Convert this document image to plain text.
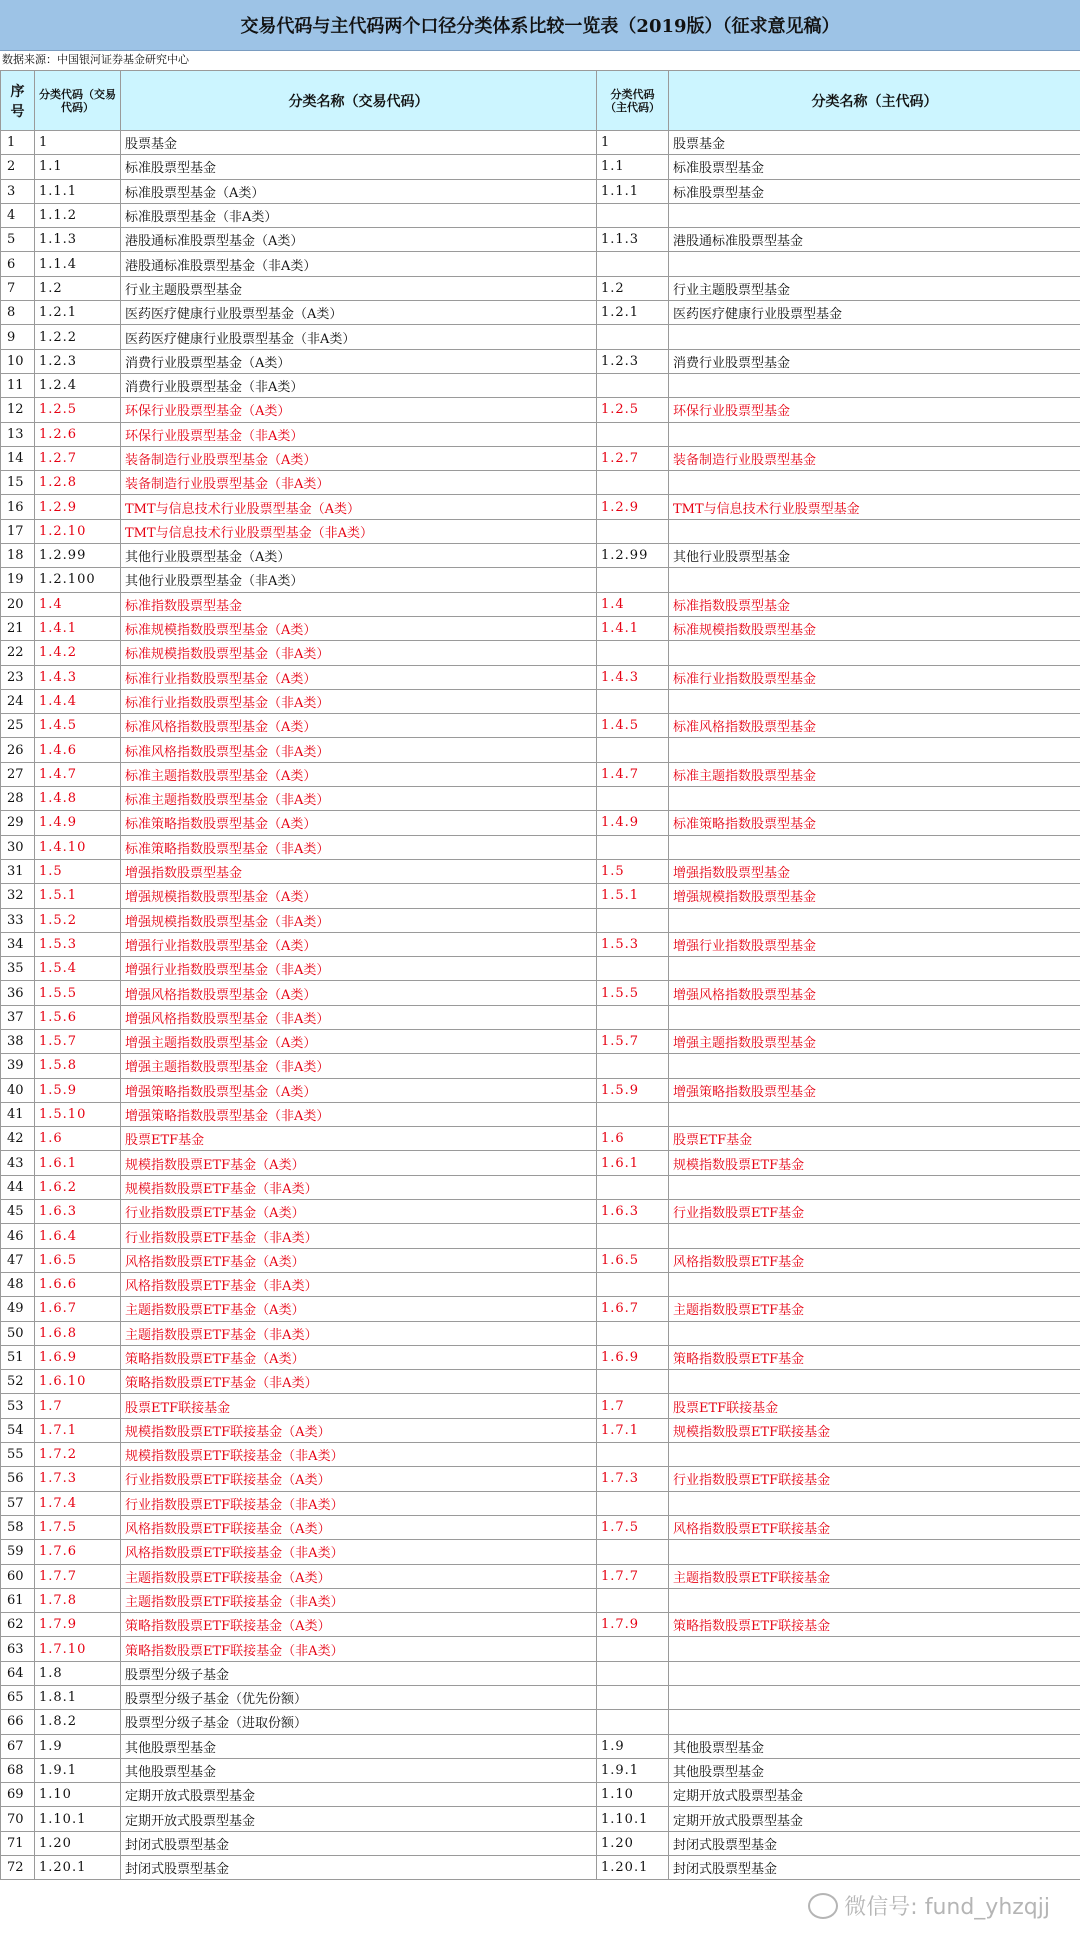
交易代码与主代码两个口径分类体系比较一览表（2019版）（征求意见稿）
数据来源：中国银河证券基金研究中心
序号	分类代码（交易代码）	分类名称（交易代码）	分类代码（主代码）	分类名称（主代码）
1	1	股票基金	1	股票基金
2	1.1	标准股票型基金	1.1	标准股票型基金
3	1.1.1	标准股票型基金（A类）	1.1.1	标准股票型基金
4	1.1.2	标准股票型基金（非A类）		
5	1.1.3	港股通标准股票型基金（A类）	1.1.3	港股通标准股票型基金
6	1.1.4	港股通标准股票型基金（非A类）		
7	1.2	行业主题股票型基金	1.2	行业主题股票型基金
8	1.2.1	医药医疗健康行业股票型基金（A类）	1.2.1	医药医疗健康行业股票型基金
9	1.2.2	医药医疗健康行业股票型基金（非A类）		
10	1.2.3	消费行业股票型基金（A类）	1.2.3	消费行业股票型基金
11	1.2.4	消费行业股票型基金（非A类）		
12	1.2.5	环保行业股票型基金（A类）	1.2.5	环保行业股票型基金
13	1.2.6	环保行业股票型基金（非A类）		
14	1.2.7	装备制造行业股票型基金（A类）	1.2.7	装备制造行业股票型基金
15	1.2.8	装备制造行业股票型基金（非A类）		
16	1.2.9	TMT与信息技术行业股票型基金（A类）	1.2.9	TMT与信息技术行业股票型基金
17	1.2.10	TMT与信息技术行业股票型基金（非A类）		
18	1.2.99	其他行业股票型基金（A类）	1.2.99	其他行业股票型基金
19	1.2.100	其他行业股票型基金（非A类）		
20	1.4	标准指数股票型基金	1.4	标准指数股票型基金
21	1.4.1	标准规模指数股票型基金（A类）	1.4.1	标准规模指数股票型基金
22	1.4.2	标准规模指数股票型基金（非A类）		
23	1.4.3	标准行业指数股票型基金（A类）	1.4.3	标准行业指数股票型基金
24	1.4.4	标准行业指数股票型基金（非A类）		
25	1.4.5	标准风格指数股票型基金（A类）	1.4.5	标准风格指数股票型基金
26	1.4.6	标准风格指数股票型基金（非A类）		
27	1.4.7	标准主题指数股票型基金（A类）	1.4.7	标准主题指数股票型基金
28	1.4.8	标准主题指数股票型基金（非A类）		
29	1.4.9	标准策略指数股票型基金（A类）	1.4.9	标准策略指数股票型基金
30	1.4.10	标准策略指数股票型基金（非A类）		
31	1.5	增强指数股票型基金	1.5	增强指数股票型基金
32	1.5.1	增强规模指数股票型基金（A类）	1.5.1	增强规模指数股票型基金
33	1.5.2	增强规模指数股票型基金（非A类）		
34	1.5.3	增强行业指数股票型基金（A类）	1.5.3	增强行业指数股票型基金
35	1.5.4	增强行业指数股票型基金（非A类）		
36	1.5.5	增强风格指数股票型基金（A类）	1.5.5	增强风格指数股票型基金
37	1.5.6	增强风格指数股票型基金（非A类）		
38	1.5.7	增强主题指数股票型基金（A类）	1.5.7	增强主题指数股票型基金
39	1.5.8	增强主题指数股票型基金（非A类）		
40	1.5.9	增强策略指数股票型基金（A类）	1.5.9	增强策略指数股票型基金
41	1.5.10	增强策略指数股票型基金（非A类）		
42	1.6	股票ETF基金	1.6	股票ETF基金
43	1.6.1	规模指数股票ETF基金（A类）	1.6.1	规模指数股票ETF基金
44	1.6.2	规模指数股票ETF基金（非A类）		
45	1.6.3	行业指数股票ETF基金（A类）	1.6.3	行业指数股票ETF基金
46	1.6.4	行业指数股票ETF基金（非A类）		
47	1.6.5	风格指数股票ETF基金（A类）	1.6.5	风格指数股票ETF基金
48	1.6.6	风格指数股票ETF基金（非A类）		
49	1.6.7	主题指数股票ETF基金（A类）	1.6.7	主题指数股票ETF基金
50	1.6.8	主题指数股票ETF基金（非A类）		
51	1.6.9	策略指数股票ETF基金（A类）	1.6.9	策略指数股票ETF基金
52	1.6.10	策略指数股票ETF基金（非A类）		
53	1.7	股票ETF联接基金	1.7	股票ETF联接基金
54	1.7.1	规模指数股票ETF联接基金（A类）	1.7.1	规模指数股票ETF联接基金
55	1.7.2	规模指数股票ETF联接基金（非A类）		
56	1.7.3	行业指数股票ETF联接基金（A类）	1.7.3	行业指数股票ETF联接基金
57	1.7.4	行业指数股票ETF联接基金（非A类）		
58	1.7.5	风格指数股票ETF联接基金（A类）	1.7.5	风格指数股票ETF联接基金
59	1.7.6	风格指数股票ETF联接基金（非A类）		
60	1.7.7	主题指数股票ETF联接基金（A类）	1.7.7	主题指数股票ETF联接基金
61	1.7.8	主题指数股票ETF联接基金（非A类）		
62	1.7.9	策略指数股票ETF联接基金（A类）	1.7.9	策略指数股票ETF联接基金
63	1.7.10	策略指数股票ETF联接基金（非A类）		
64	1.8	股票型分级子基金		
65	1.8.1	股票型分级子基金（优先份额）		
66	1.8.2	股票型分级子基金（进取份额）		
67	1.9	其他股票型基金	1.9	其他股票型基金
68	1.9.1	其他股票型基金	1.9.1	其他股票型基金
69	1.10	定期开放式股票型基金	1.10	定期开放式股票型基金
70	1.10.1	定期开放式股票型基金	1.10.1	定期开放式股票型基金
71	1.20	封闭式股票型基金	1.20	封闭式股票型基金
72	1.20.1	封闭式股票型基金	1.20.1	封闭式股票型基金
微信号: fund_yhzqjj
